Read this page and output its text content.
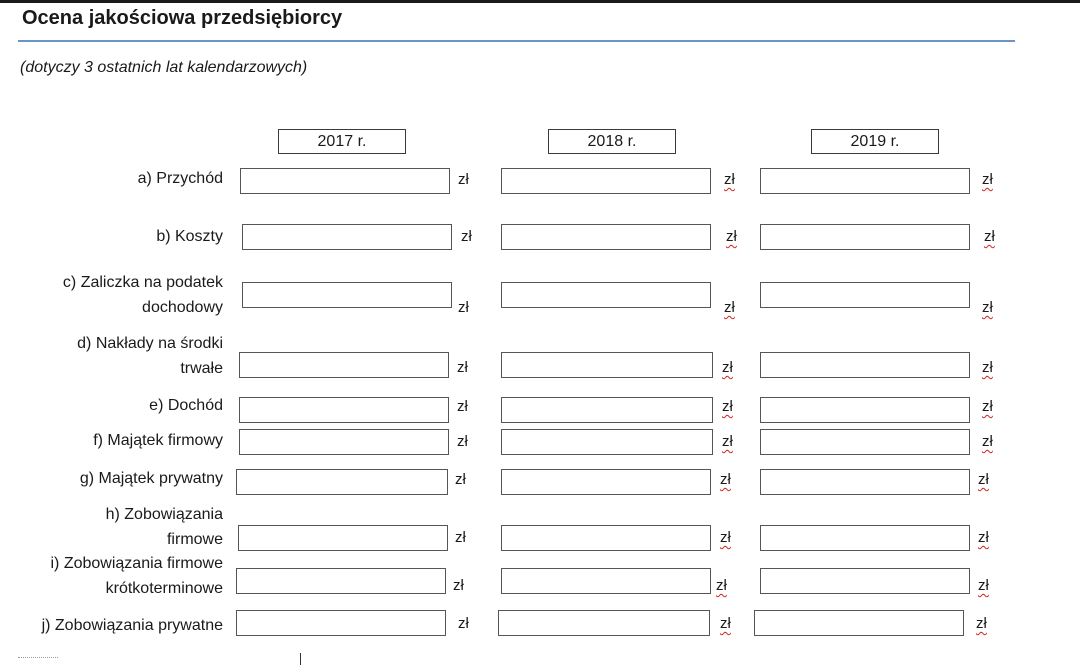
Ocena jakościowa przedsiębiorcy
(dotyczy 3 ostatnich lat kalendarzowych)
2017 r.	2018 r.	2019 r.
a) Przychód	zł	zł	zł
b) Koszty	zł	zł	zł
c) Zaliczka na podatek
dochodowy	zł	zł	zł
d) Nakłady na środki
trwałe	zł	zł	zł
e) Dochód	zł	zł	zł
f) Majątek firmowy	zł	zł	zł
g) Majątek prywatny	zł	zł	zł
h) Zobowiązania
firmowe	zł	zł	zł
i) Zobowiązania firmowe
krótkoterminowe	zł	zł	zł
j) Zobowiązania prywatne	zł	zł	zł
